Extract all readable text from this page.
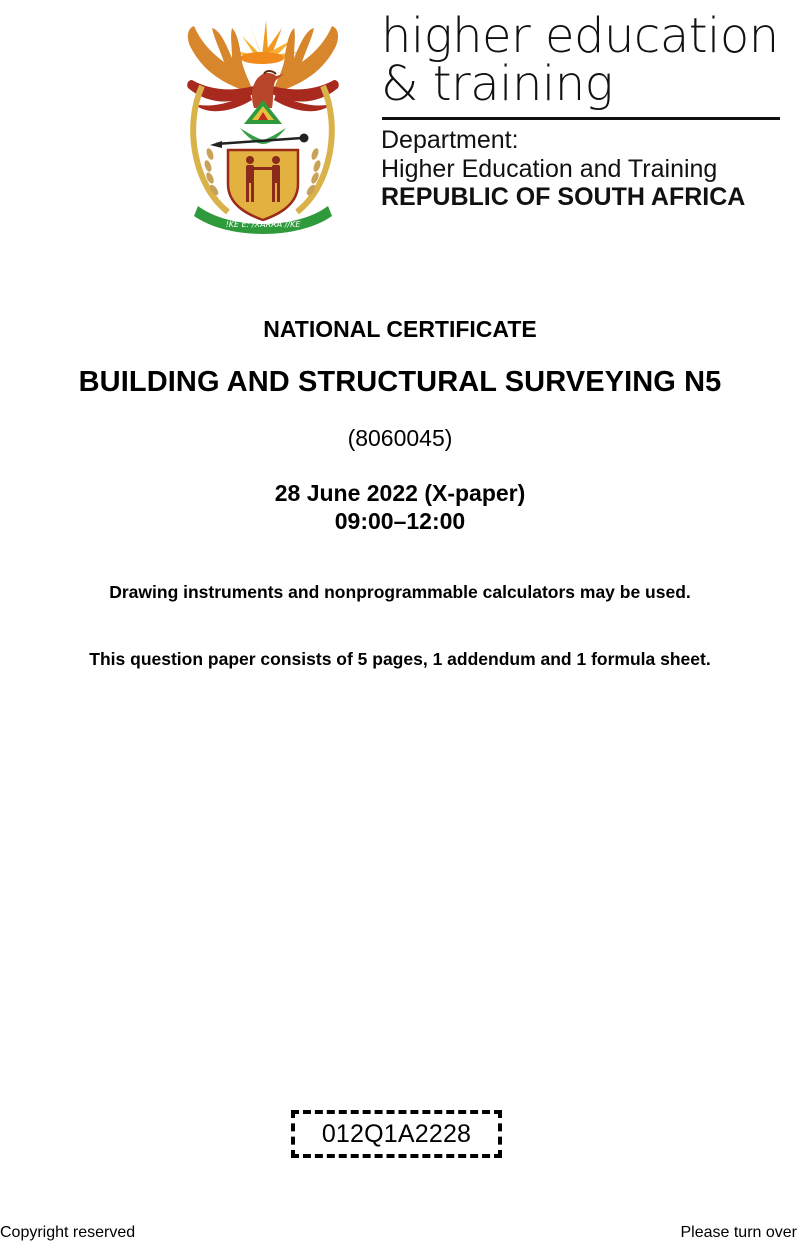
!KE E: /XARRA //KE
higher education
& training
Department:
Higher Education and Training
REPUBLIC OF SOUTH AFRICA
NATIONAL CERTIFICATE
BUILDING AND STRUCTURAL SURVEYING N5
(8060045)
28 June 2022 (X-paper)
09:00–12:00
Drawing instruments and nonprogrammable calculators may be used.
This question paper consists of 5 pages, 1 addendum and 1 formula sheet.
012Q1A2228
Copyright reserved	Please turn over
